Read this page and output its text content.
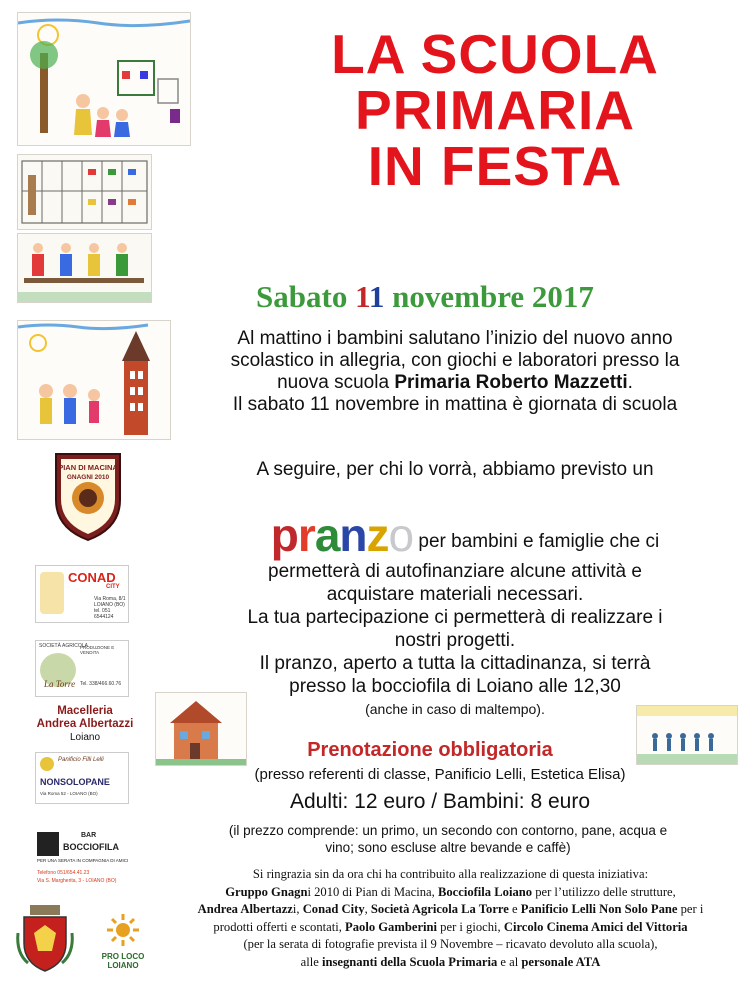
PIAN DI MACINA
GNAGNI 2010
CONAD
CITY
Via Roma, 8/1
LOIANO (BO)
tel. 051 6544124
SOCIETÀ AGRICOLA
La Torre
PRODUZIONE E VENDITA
Tel. 338/466.60.76
Macelleria
Andrea Albertazzi
Loiano
Panificio Filli Lelli
NONSOLOPANE
Via Roma 52 - LOIANO (BO)
BAR
BOCCIOFILA
PER UNA SERATA IN COMPAGNIA DI AMICI
Telefono 051/654.41.23
Via S. Margherita, 3 - LOIANO (BO)
PRO LOCO
LOIANO
LA SCUOLA
PRIMARIA
IN FESTA
Sabato 11 novembre 2017
Al mattino i bambini salutano l’inizio del nuovo anno
scolastico in allegria, con giochi e laboratori presso la
nuova scuola Primaria Roberto Mazzetti.
Il sabato 11 novembre in mattina è giornata di scuola
A seguire, per chi lo vorrà, abbiamo previsto un
pranzo per bambini e famiglie che ci
permetterà di autofinanziare alcune attività e
acquistare materiali necessari.
La tua partecipazione ci permetterà di realizzare i
nostri progetti.
Il pranzo, aperto a tutta la cittadinanza, si terrà
presso la bocciofila di Loiano alle 12,30
(anche in caso di maltempo).
Prenotazione obbligatoria
(presso referenti di classe, Panificio Lelli, Estetica Elisa)
Adulti: 12 euro / Bambini: 8 euro
(il prezzo comprende: un primo, un secondo con contorno, pane, acqua e
vino; sono escluse altre bevande e caffè)
Si ringrazia sin da ora chi ha contribuito alla realizzazione di questa iniziativa:
Gruppo Gnagni 2010 di Pian di Macina, Bocciofila Loiano per l’utilizzo delle strutture,
Andrea Albertazzi, Conad City, Società Agricola La Torre e Panificio Lelli Non Solo Pane per i
prodotti offerti e scontati, Paolo Gamberini per i giochi, Circolo Cinema Amici del Vittoria
(per la serata di fotografie prevista il 9 Novembre – ricavato devoluto alla scuola),
alle insegnanti della Scuola Primaria e al personale ATA
